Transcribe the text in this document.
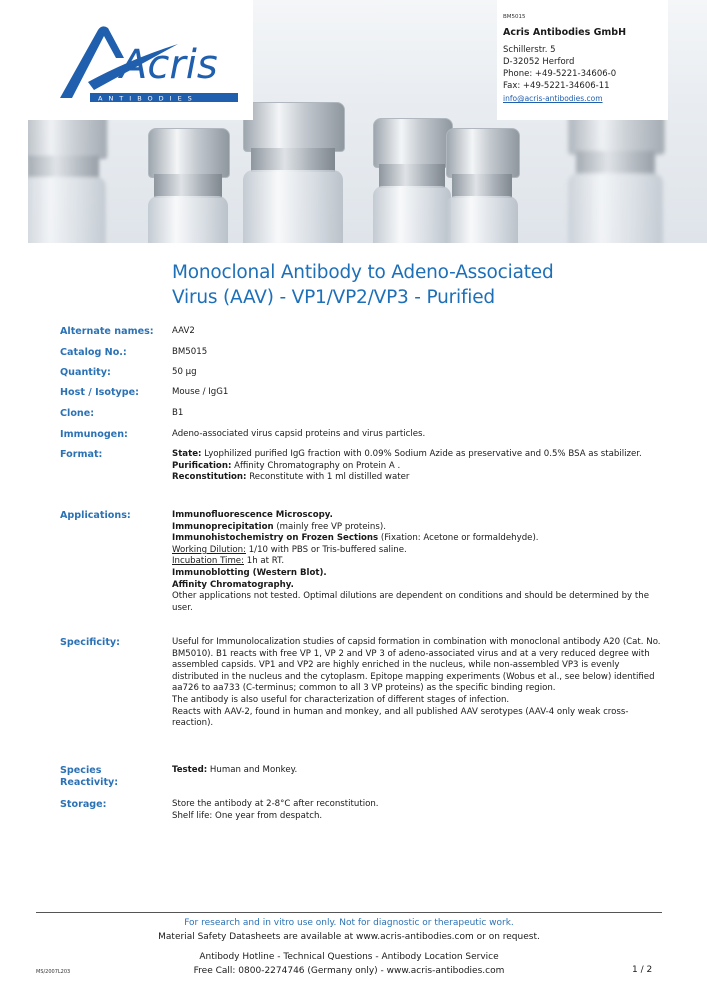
Acris
ANTIBODIES
BM5015
Acris Antibodies GmbH
Schillerstr. 5
D-32052 Herford
Phone: +49-5221-34606-0
Fax: +49-5221-34606-11
info@acris-antibodies.com
Monoclonal Antibody to Adeno-Associated
Virus (AAV) - VP1/VP2/VP3 - Purified
Alternate names:	AAV2
Catalog No.:	BM5015
Quantity:	50 µg
Host / Isotype:	Mouse / IgG1
Clone:	B1
Immunogen:	Adeno-associated virus capsid proteins and virus particles.
Format:	State: Lyophilized purified IgG fraction with 0.09% Sodium Azide as preservative and 0.5% BSA as stabilizer.
Purification: Affinity Chromatography on Protein A .
Reconstitution: Reconstitute with 1 ml distilled water
Applications:	Immunofluorescence Microscopy.
Immunoprecipitation (mainly free VP proteins).
Immunohistochemistry on Frozen Sections (Fixation: Acetone or formaldehyde).
Working Dilution: 1/10 with PBS or Tris-buffered saline.
Incubation Time: 1h at RT.
Immunoblotting (Western Blot).
Affinity Chromatography.
Other applications not tested. Optimal dilutions are dependent on conditions and should be determined by the user.
Specificity:	Useful for Immunolocalization studies of capsid formation in combination with monoclonal antibody A20 (Cat. No. BM5010). B1 reacts with free VP 1, VP 2 and VP 3 of adeno-associated virus and at a very reduced degree with assembled capsids. VP1 and VP2 are highly enriched in the nucleus, while non-assembled VP3 is evenly distributed in the nucleus and the cytoplasm. Epitope mapping experiments (Wobus et al., see below) identified aa726 to aa733 (C-terminus; common to all 3 VP proteins) as the specific binding region.
The antibody is also useful for characterization of different stages of infection.
Reacts with AAV-2, found in human and monkey, and all published AAV serotypes (AAV-4 only weak cross-reaction).
Species
Reactivity:
Tested: Human and Monkey.
Storage:	Store the antibody at 2-8°C after reconstitution.
Shelf life: One year from despatch.
For research and in vitro use only. Not for diagnostic or therapeutic work.
Material Safety Datasheets are available at www.acris-antibodies.com or on request.
Antibody Hotline - Technical Questions - Antibody Location Service
Free Call: 0800-2274746 (Germany only) - www.acris-antibodies.com
MS/2007L203	1 / 2
